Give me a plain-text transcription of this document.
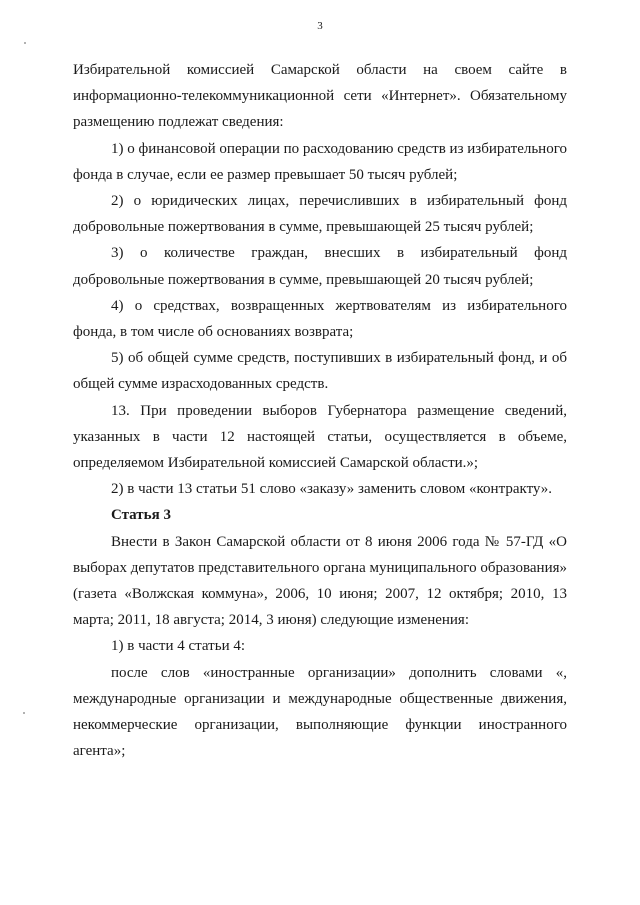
3

Избирательной комиссией Самарской области на своем сайте в информационно-телекоммуникационной сети «Интернет». Обязательному размещению подлежат сведения:

1) о финансовой операции по расходованию средств из избирательного фонда в случае, если ее размер превышает 50 тысяч рублей;

2) о юридических лицах, перечисливших в избирательный фонд добровольные пожертвования в сумме, превышающей 25 тысяч рублей;

3) о количестве граждан, внесших в избирательный фонд добровольные пожертвования в сумме, превышающей 20 тысяч рублей;

4) о средствах, возвращенных жертвователям из избирательного фонда, в том числе об основаниях возврата;

5) об общей сумме средств, поступивших в избирательный фонд, и об общей сумме израсходованных средств.

13. При проведении выборов Губернатора размещение сведений, указанных в части 12 настоящей статьи, осуществляется в объеме, определяемом Избирательной комиссией Самарской области.»;

2) в части 13 статьи 51 слово «заказу» заменить словом «контракту».

Статья 3

Внести в Закон Самарской области от 8 июня 2006 года № 57-ГД «О выборах депутатов представительного органа муниципального образования» (газета «Волжская коммуна», 2006, 10 июня; 2007, 12 октября; 2010, 13 марта; 2011, 18 августа; 2014, 3 июня) следующие изменения:

1) в части 4 статьи 4:

после слов «иностранные организации» дополнить словами «, международные организации и международные общественные движения, некоммерческие организации, выполняющие функции иностранного агента»;
